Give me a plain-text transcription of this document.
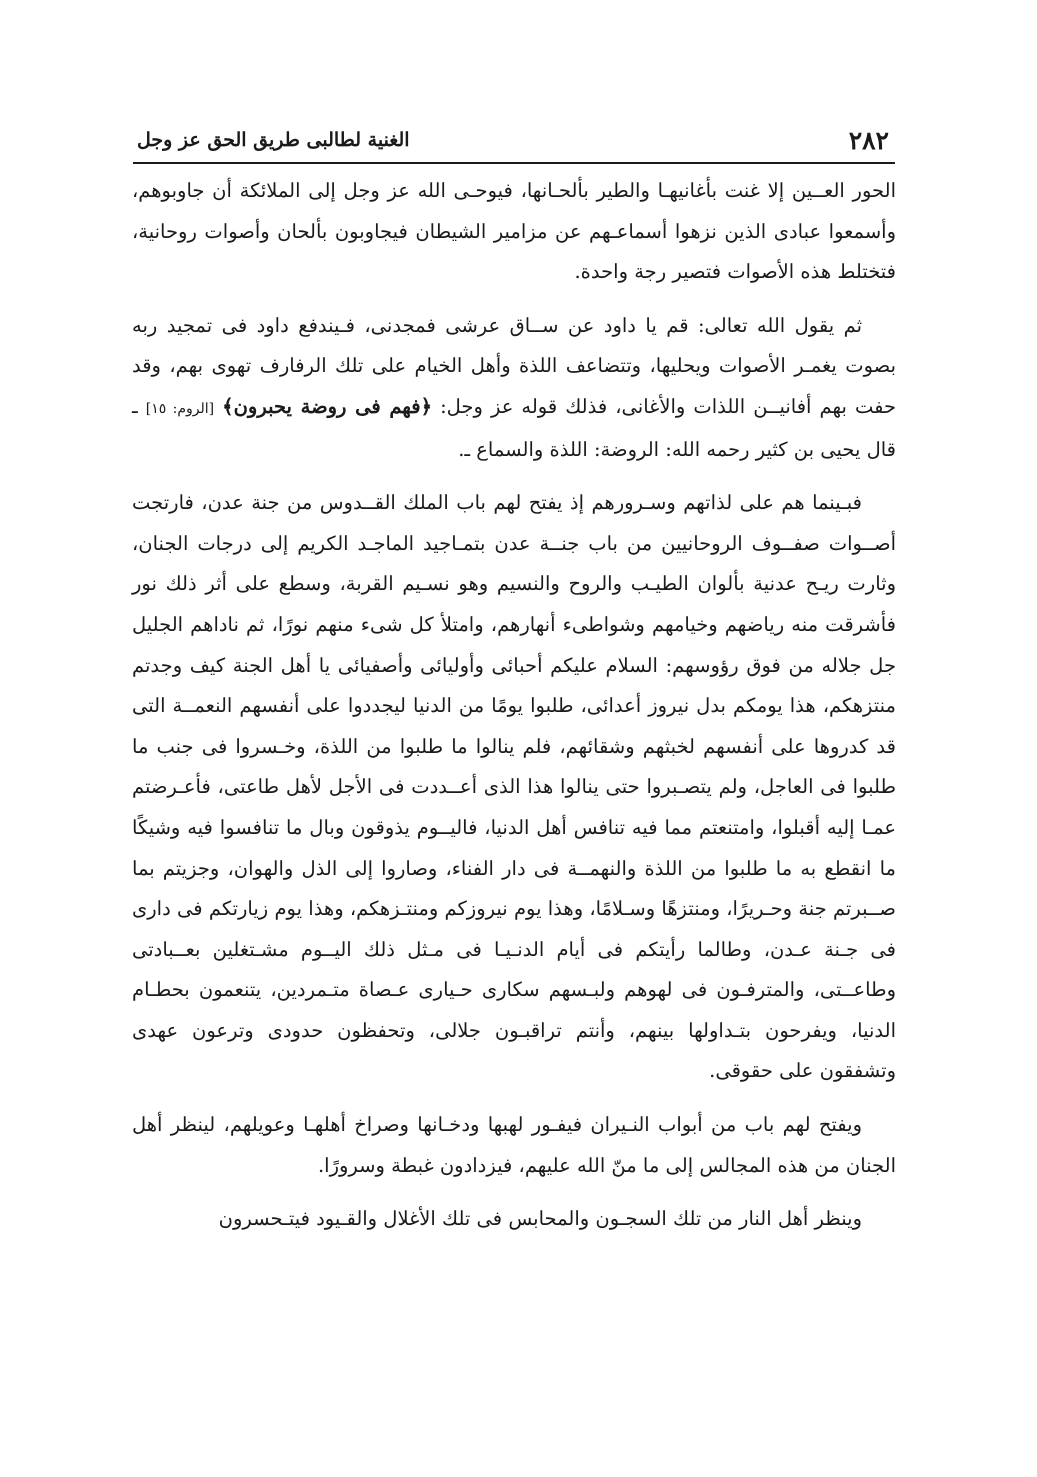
٢٨٢
الغنية لطالبى طريق الحق عز وجل

الحور العــين إلا غنت بأغانيهـا والطير بألحـانها، فيوحـى الله عز وجل إلى الملائكة أن جاوبوهم، وأسمعوا عبادى الذين نزهوا أسماعـهم عن مزامير الشيطان فيجاوبون بألحان وأصوات روحانية، فتختلط هذه الأصوات فتصير رجة واحدة.

ثم يقول الله تعالى: قم يا داود عن ســاق عرشى فمجدنى، فـيندفع داود فى تمجيد ربه بصوت يغمـر الأصوات ويحليها، وتتضاعف اللذة وأهل الخيام على تلك الرفارف تهوى بهم، وقد حفت بهم أفانيــن اللذات والأغانى، فذلك قوله عز وجل: ﴿فهم فى روضة يحبرون﴾ [الروم: ١٥] ـ قال يحيى بن كثير رحمه الله: الروضة: اللذة والسماع ـ.

فبـينما هم على لذاتهم وسـرورهم إذ يفتح لهم باب الملك القــدوس من جنة عدن، فارتجت أصــوات صفــوف الروحانيين من باب جنــة عدن بتمـاجيد الماجـد الكريم إلى درجات الجنان، وثارت ريـح عدنية بألوان الطيـب والروح والنسيم وهو نسـيم القربة، وسطع على أثر ذلك نور فأشرقت منه رياضهم وخيامهم وشواطىء أنهارهم، وامتلأ كل شىء منهم نورًا، ثم ناداهم الجليل جل جلاله من فوق رؤوسهم: السلام عليكم أحبائى وأوليائى وأصفيائى يا أهل الجنة كيف وجدتم منتزهكم، هذا يومكم بدل نيروز أعدائى، طلبوا يومًا من الدنيا ليجددوا على أنفسهم النعمــة التى قد كدروها على أنفسهم لخبثهم وشقائهم، فلم ينالوا ما طلبوا من اللذة، وخـسروا فى جنب ما طلبوا فى العاجل، ولم يتصـبروا حتى ينالوا هذا الذى أعــددت فى الأجل لأهل طاعتى، فأعـرضتم عمـا إليه أقبلوا، وامتنعتم مما فيه تنافس أهل الدنيا، فاليــوم يذوقون وبال ما تنافسوا فيه وشيكًا ما انقطع به ما طلبوا من اللذة والنهمــة فى دار الفناء، وصاروا إلى الذل والهوان، وجزيتم بما صــبرتم جنة وحـريرًا، ومنتزهًا وسـلامًا، وهذا يوم نيروزكم ومنتـزهكم، وهذا يوم زيارتكم فى دارى فى جـنة عـدن، وطالما رأيتكم فى أيام الدنـيـا فى مـثل ذلك اليــوم مشـتغلين بعــبادتى وطاعــتى، والمترفـون فى لهوهم ولبـسهم سكارى حـيارى عـصاة متـمردين، يتنعمون بحطـام الدنيا، ويفرحون بتـداولها بينهم، وأنتم تراقبـون جلالى، وتحفظون حدودى وترعون عهدى وتشفقون على حقوقى.

ويفتح لهم باب من أبواب النـيران فيفـور لهبها ودخـانها وصراخ أهلهـا وعويلهم، لينظر أهل الجنان من هذه المجالس إلى ما منّ الله عليهم، فيزدادون غبطة وسرورًا.

وينظر أهل النار من تلك السجـون والمحابس فى تلك الأغلال والقـيود فيتـحسرون
